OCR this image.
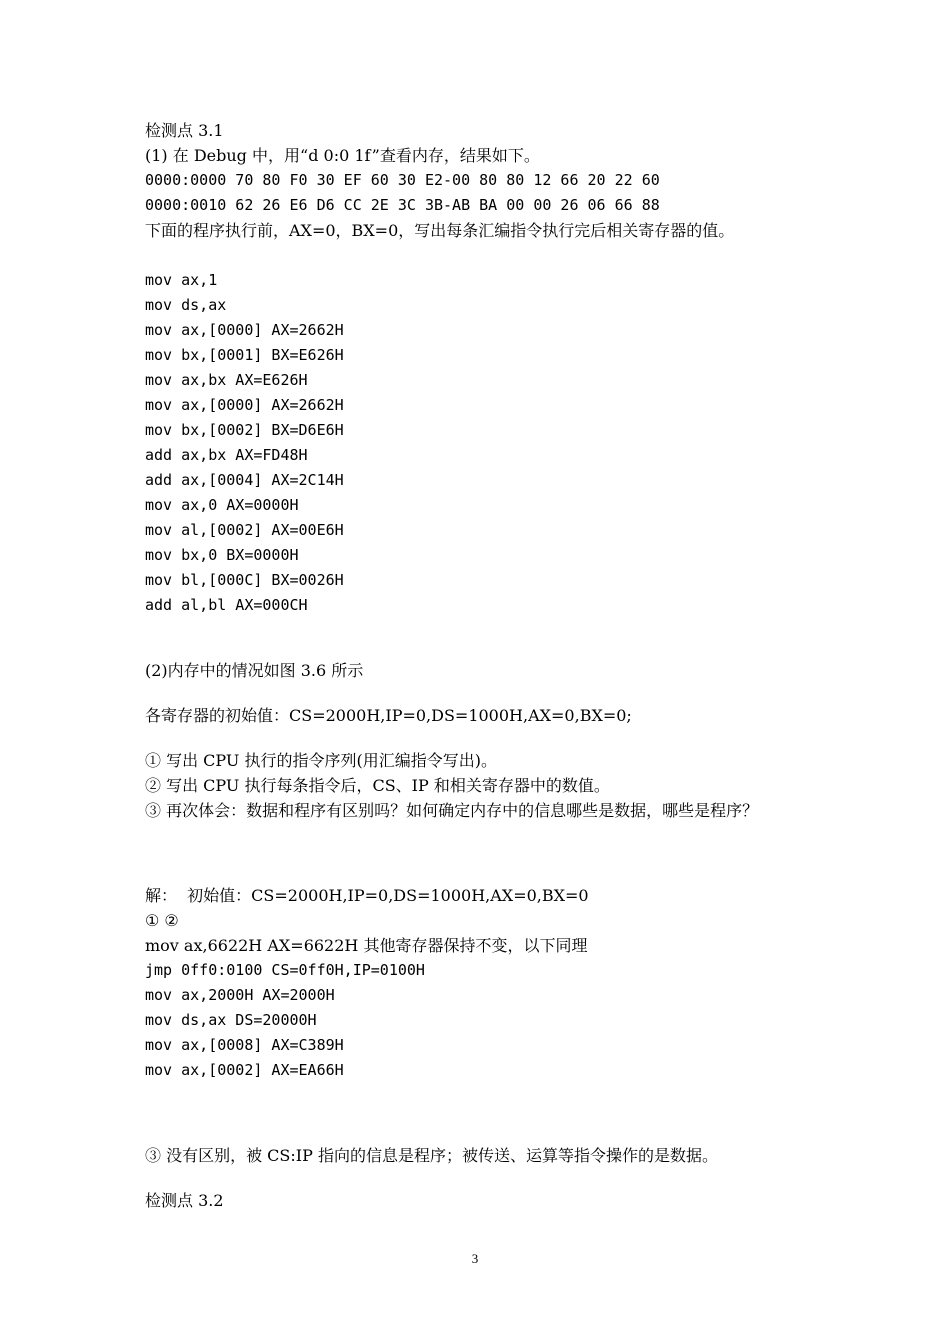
检测点 3.1
(1) 在 Debug 中，用“d 0:0 1f”查看内存，结果如下。
0000:0000 70 80 F0 30 EF 60 30 E2-00 80 80 12 66 20 22 60
0000:0010 62 26 E6 D6 CC 2E 3C 3B-AB BA 00 00 26 06 66 88
下面的程序执行前，AX=0，BX=0，写出每条汇编指令执行完后相关寄存器的值。
mov ax,1
mov ds,ax
mov ax,[0000] AX=2662H
mov bx,[0001] BX=E626H
mov ax,bx AX=E626H
mov ax,[0000] AX=2662H
mov bx,[0002] BX=D6E6H
add ax,bx AX=FD48H
add ax,[0004] AX=2C14H
mov ax,0 AX=0000H
mov al,[0002] AX=00E6H
mov bx,0 BX=0000H
mov bl,[000C] BX=0026H
add al,bl AX=000CH
(2)内存中的情况如图 3.6 所示
各寄存器的初始值：CS=2000H,IP=0,DS=1000H,AX=0,BX=0;
① 写出 CPU 执行的指令序列(用汇编指令写出)。
② 写出 CPU 执行每条指令后，CS、IP 和相关寄存器中的数值。
③ 再次体会：数据和程序有区别吗？如何确定内存中的信息哪些是数据，哪些是程序？
解：  初始值：CS=2000H,IP=0,DS=1000H,AX=0,BX=0
① ②
mov ax,6622H AX=6622H 其他寄存器保持不变，以下同理
jmp 0ff0:0100 CS=0ff0H,IP=0100H
mov ax,2000H AX=2000H
mov ds,ax DS=20000H
mov ax,[0008] AX=C389H
mov ax,[0002] AX=EA66H
③ 没有区别，被 CS:IP 指向的信息是程序；被传送、运算等指令操作的是数据。
检测点 3.2
3
